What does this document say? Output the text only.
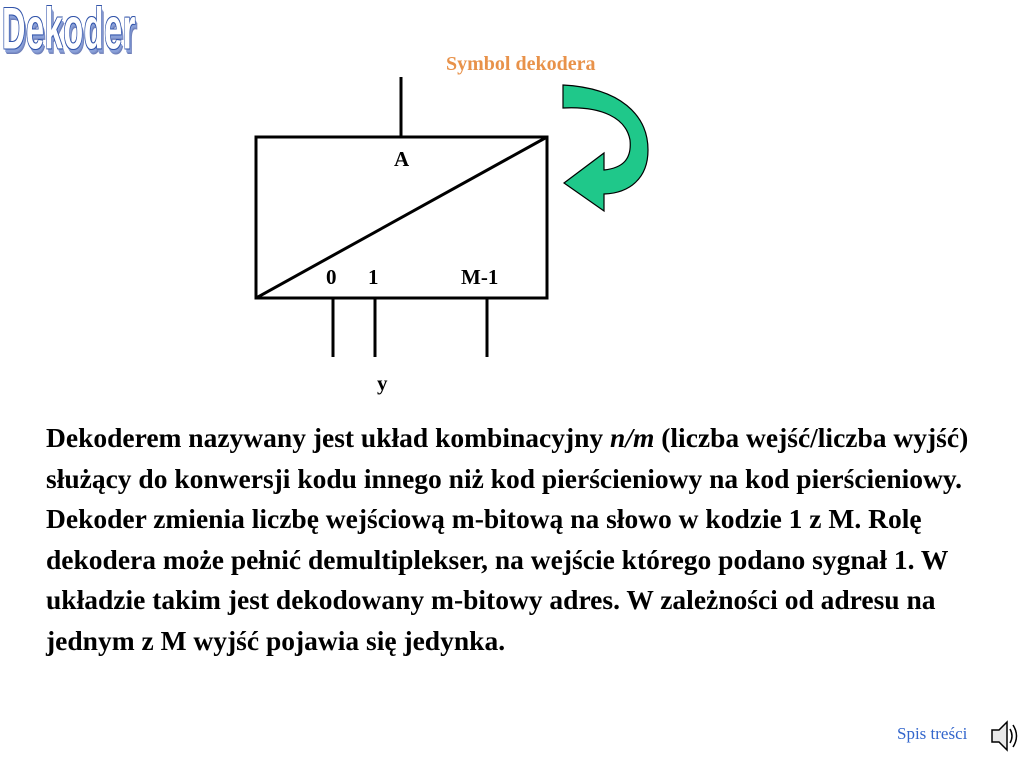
Dekoder
Symbol dekodera
A
0 1	M-1
y

Dekoderem nazywany jest układ kombinacyjny n/m (liczba wejść/liczba wyjść) służący do konwersji kodu innego niż kod pierścieniowy na kod pierścieniowy. Dekoder zmienia liczbę wejściową m-bitową na słowo w kodzie 1 z M. Rolę dekodera może pełnić demultiplekser, na wejście którego podano sygnał 1. W układzie takim jest dekodowany m-bitowy adres. W zależności od adresu na jednym z M wyjść pojawia się jedynka.

Spis treści
